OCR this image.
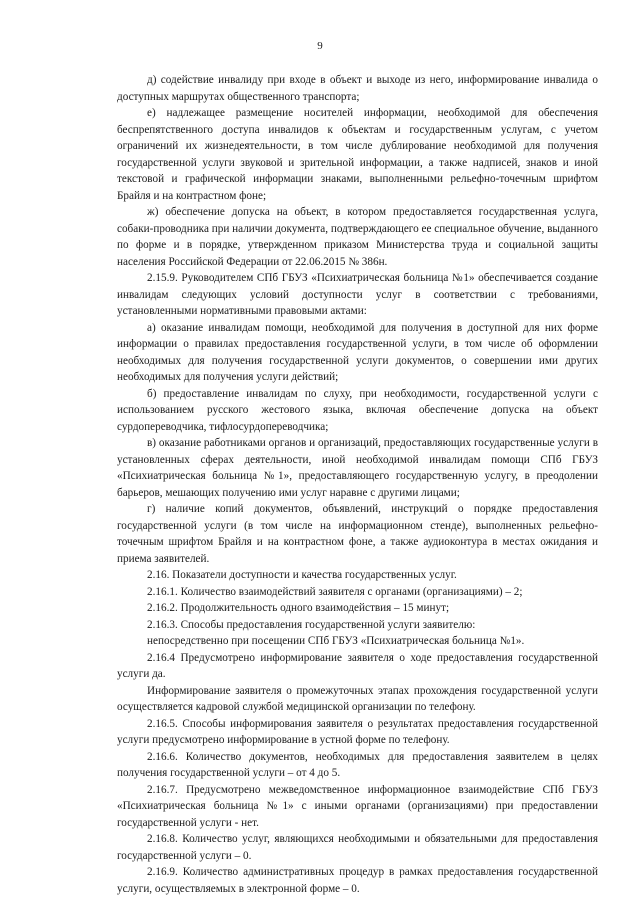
9

д) содействие инвалиду при входе в объект и выходе из него, информирование инвалида о доступных маршрутах общественного транспорта;

е) надлежащее размещение носителей информации, необходимой для обеспечения беспрепятственного доступа инвалидов к объектам и государственным услугам, с учетом ограничений их жизнедеятельности, в том числе дублирование необходимой для получения государственной услуги звуковой и зрительной информации, а также надписей, знаков и иной текстовой и графической информации знаками, выполненными рельефно-точечным шрифтом Брайля и на контрастном фоне;

ж) обеспечение допуска на объект, в котором предоставляется государственная услуга, собаки-проводника при наличии документа, подтверждающего ее специальное обучение, выданного по форме и в порядке, утвержденном приказом Министерства труда и социальной защиты населения Российской Федерации от 22.06.2015 № 386н.

2.15.9. Руководителем СПб ГБУЗ «Психиатрическая больница №1» обеспечивается создание инвалидам следующих условий доступности услуг в соответствии с требованиями, установленными нормативными правовыми актами:

а) оказание инвалидам помощи, необходимой для получения в доступной для них форме информации о правилах предоставления государственной услуги, в том числе об оформлении необходимых для получения государственной услуги документов, о совершении ими других необходимых для получения услуги действий;

б) предоставление инвалидам по слуху, при необходимости, государственной услуги с использованием русского жестового языка, включая обеспечение допуска на объект сурдопереводчика, тифлосурдопереводчика;

в) оказание работниками органов и организаций, предоставляющих государственные услуги в установленных сферах деятельности, иной необходимой инвалидам помощи СПб ГБУЗ «Психиатрическая больница №1», предоставляющего государственную услугу, в преодолении барьеров, мешающих получению ими услуг наравне с другими лицами;

г) наличие копий документов, объявлений, инструкций о порядке предоставления государственной услуги (в том числе на информационном стенде), выполненных рельефно-точечным шрифтом Брайля и на контрастном фоне, а также аудиоконтура в местах ожидания и приема заявителей.

2.16. Показатели доступности и качества государственных услуг.

2.16.1. Количество взаимодействий заявителя с органами (организациями) – 2;

2.16.2. Продолжительность одного взаимодействия – 15 минут;

2.16.3. Способы предоставления государственной услуги заявителю:

непосредственно при посещении СПб ГБУЗ «Психиатрическая больница №1».

2.16.4 Предусмотрено информирование заявителя о ходе предоставления государственной услуги да.

Информирование заявителя о промежуточных этапах прохождения государственной услуги осуществляется кадровой службой медицинской организации по телефону.

2.16.5. Способы информирования заявителя о результатах предоставления государственной услуги предусмотрено информирование в устной форме по телефону.

2.16.6. Количество документов, необходимых для предоставления заявителем в целях получения государственной услуги – от 4 до 5.

2.16.7. Предусмотрено межведомственное информационное взаимодействие СПб ГБУЗ «Психиатрическая больница №1» с иными органами (организациями) при предоставлении государственной услуги - нет.

2.16.8. Количество услуг, являющихся необходимыми и обязательными для предоставления государственной услуги – 0.

2.16.9. Количество административных процедур в рамках предоставления государственной услуги, осуществляемых в электронной форме – 0.
